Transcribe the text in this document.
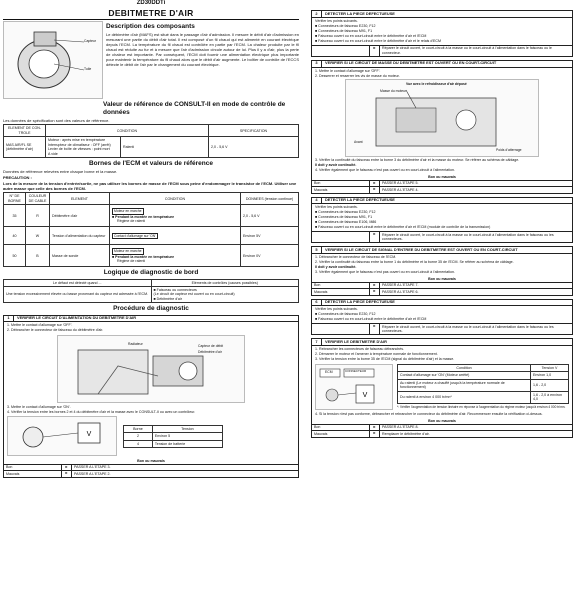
ZD30DDTi
DEBITMETRE D'AIR
Capteur
Tuile
Description des composants

Le débimètre d'air (MAFS) est situé dans le passage d'air d'admission. Il mesure le débit d'air d'admission en mesurant une partie du débit d'air total. Il est composé d'un fil chaud qui est alimenté en courant électrique depuis l'ECM. La température du fil chaud est contrôlée en partie par l'ECM. La chaleur produite par le fil chaud est réduite au fur et à mesure que l'air d'admission circule autour de lui. Plus il y a d'air, plus la perte de chaleur est importante. Par conséquent, l'ECM doit fournir une alimentation électrique plus importante pour maintenir la température du fil chaud alors que le débit d'air augmente. Le boîtier de contrôle de l'ECCS détecte le débit de l'air par le changement du courant électrique.

Valeur de référence de CONSULT-II en mode de contrôle de données

Les données de spécification sont des valeurs de référence.

ELEMENT DE CON-TROLE	CONDITION		SPECIFICATION
MAS AIR/FL SE (débitmètre d'air)	Moteur : après mise en température
Interrupteur de climatiseur : OFF (arrêt)
Levier de boîte de vitesses : point mort
A vide	Ralenti	2,0 - 5,6 V
Bornes de l'ECM et valeurs de référence

Données de référence relevées entre chaque borne et la masse.

PRECAUTION :

Lors de la mesure de la tension d'entrée/sortie, ne pas utiliser les bornes de masse de l'ECM sous peine d'endommager le transistor de l'ECM. Utiliser une autre masse que celle des bornes de l'ECM.

N° DE BORNE	COULEUR DE CABLE	ELEMENT	CONDITION	DONNEES (tension continue)
35	R	Débitmètre d'air	Moteur en marche
■ Pendant la montée en température
Régime de ralenti	2,0 - 5,6 V
40	W	Tension d'alimentation du capteur	Contact d'allumage sur 'ON'	Environ 5V
50	B	Masse de sonde	Moteur en marche
■ Pendant la montée en température
Régime de ralenti	Environ 0V
Logique de diagnostic de bord
Le défaut est détecté quand ...	Eléments de contrôles (causes possibles)
Une tension excessivement élevée ou basse provenant du capteur est adressée à l'ECM.	■ Faisceau ou connecteurs
(Le circuit de capteur est ouvert ou en court-circuit)
■ Débitmètre d'air
Procédure de diagnostic
1	VERIFIER LE CIRCUIT D'ALIMENTATION DU DEBITMETRE D'AIR
1. Mettre le contact d'allumage sur 'OFF'.
2. Débrancher le connecteur de faisceau du débitmètre d'air.
Radiateur	Capteur de débit
Débitmètre d'air
3. Mettre le contact d'allumage sur 'ON'.
4. Vérifier la tension entre les bornes 2 et 4 du débitmètre d'air et la masse avec le CONSULT-II ou avec un contrôleur.
V
Borne	Tension
2	Environ 5
4	Tension de batterie
Bon ou mauvais
Bon	►	PASSER A L'ETAPE 3.
Mauvais	►	PASSER A L'ETAPE 2.
2	DETECTER LA PIECE DEFECTUEUSE
Vérifier les points suivants.
■ Connecteurs de faisceau E230, F12
■ Connecteurs de faisceau M91, F1
■ Faisceau ouvert ou en court-circuit entre le débitmètre d'air et l'ECM
■ Faisceau ouvert ou en court-circuit entre le débitmètre d'air et le relais d'ECM
►	Réparer le circuit ouvert, le court-circuit à la masse ou le court-circuit à l'alimentation dans le faisceau ou le connecteur.
3	VERIFIER SI LE CIRCUIT DE MASSE DU DEBITMETRE EST OUVERT OU EN COURT-CIRCUIT
1. Mettre le contact d'allumage sur 'OFF'.
2. Desserrer et resserrer les vis de masse du moteur.
Vue avec le refroidisseur d'air déposé
Masse du moteur
Avant
Poids d'atterrage
3. Vérifier la continuité du faisceau entre la borne 3 du débitmètre d'air et la masse du moteur. Se référer au schéma de câblage.
Il doit y avoir continuité.
4. Vérifier également que le faisceau n'est pas ouvert ou en court-circuit à l'alimentation.
Bon ou mauvais
Bon	►	PASSER A L'ETAPE 5.
Mauvais	►	PASSER A L'ETAPE 4.
4	DETECTER LA PIECE DEFECTUEUSE
Vérifier les points suivants.
■ Connecteurs de faisceau E230, F12
■ Connecteurs de faisceau M91, F1
■ Connecteurs de faisceau E106, M86
■ Faisceau ouvert ou en court-circuit entre le débitmètre d'air et l'ECM (module de contrôle de la transmission)
►	Réparer le circuit ouvert, le court-circuit à la masse ou le court-circuit à l'alimentation dans le faisceau ou les connecteurs.
5	VERIFIER SI LE CIRCUIT DE SIGNAL D'ENTREE DU DEBITMETRE EST OUVERT OU EN COURT-CIRCUIT
1. Débrancher le connecteur de faisceau de l'ECM.
2. Vérifier la continuité du faisceau entre la borne 1 du débitmètre et la borne 35 de l'ECM. Se référer au schéma de câblage.
Il doit y avoir continuité.
3. Vérifier également que le faisceau n'est pas ouvert ou en court-circuit à l'alimentation.
Bon ou mauvais
Bon	►	PASSER A L'ETAPE 7.
Mauvais	►	PASSER A L'ETAPE 6.
6	DETECTER LA PIECE DEFECTUEUSE
Vérifier les points suivants.
■ Connecteurs de faisceau E230, F12
■ Faisceau ouvert ou en court-circuit entre le débitmètre d'air et l'ECM
►	Réparer le circuit ouvert, le court-circuit à la masse ou le court-circuit à l'alimentation dans le faisceau ou les connecteurs.
7	VERIFIER LE DEBITMETRE D'AIR
1. Rebrancher les connecteurs de faisceau débranchés.
2. Démarrer le moteur et l'amener à température normale de fonctionnement.
3. Vérifier la tension entre la borne 35 de l'ECM (signal du débitmètre d'air) et la masse.
V
ECM	CONNECTEUR
Condition	Tension V
Contact d'allumage sur 'ON' (Moteur arrêté)	Environ 1,0
Au ralenti (Le moteur a chauffé jusqu'à la température normale de fonctionnement)	1,6 - 2,0
Du ralenti à environ 4 000 tr/mn*	1,6 - 2,0 à environ 4,0
*: Vérifier l'augmentation de tension linéaire en réponse à l'augmentation du régime moteur jusqu'à environ 4 000 tr/mn.
4. Si la tension n'est pas conforme, débrancher et rebrancher le connecteur du débitmètre d'air. Recommencer ensuite la vérification ci-dessus.
Bon ou mauvais
Bon	►	PASSER A L'ETAPE 8.
Mauvais	►	Remplacer le débitmètre d'air.
